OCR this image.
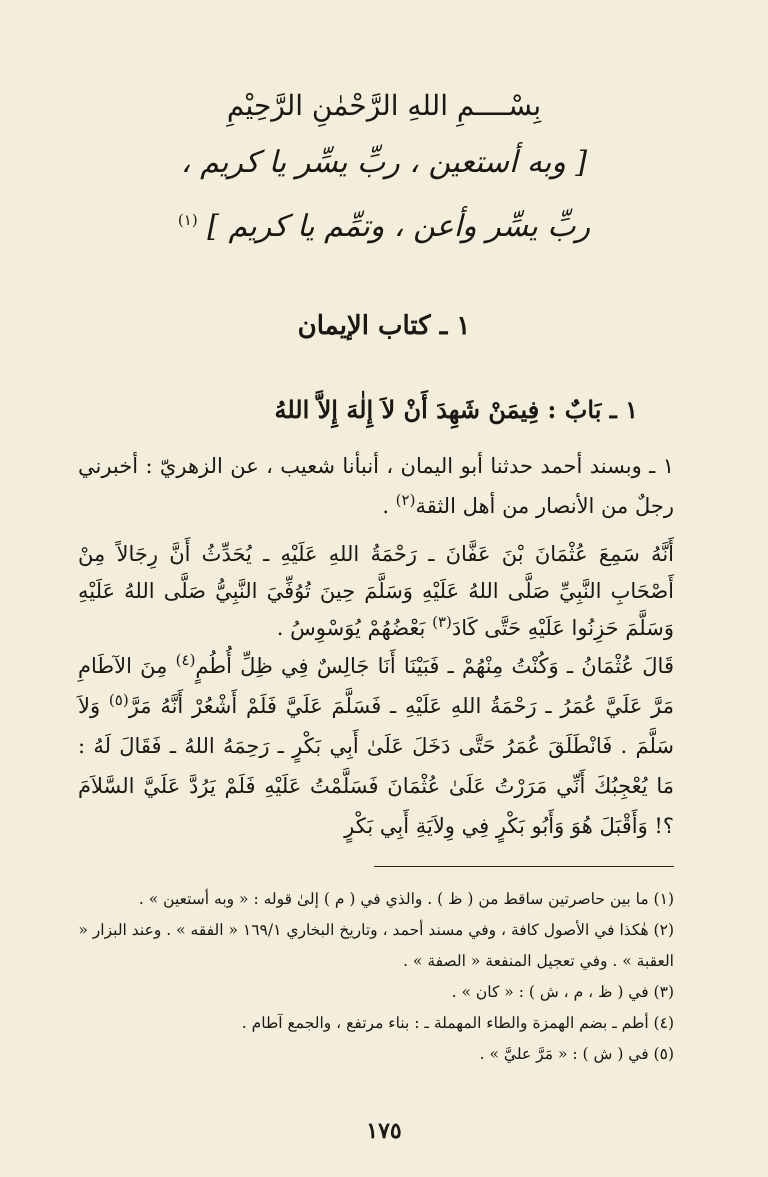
بِسْــــمِ اللهِ الرَّحْمٰنِ الرَّحِيْمِ
[ وبه أستعين ، ربِّ يسِّر يا كريم ،
ربِّ يسِّر وأعن ، وتمِّم يا كريم ] $^{(١)}$
١ ـ كتاب الإيمان
١ ـ بَابٌ : فِيمَنْ شَهِدَ أَنْ لاَ إِلٰهَ إِلاَّ اللهُ

١ ـ وبسند أحمد حدثنا أبو اليمان ، أنبأنا شعيب ، عن الزهريّ : أخبرني رجلٌ من الأنصار من أهل الثقة$^{(٢)}$ .

أَنَّهُ سَمِعَ عُثْمَانَ بْنَ عَفَّانَ ـ رَحْمَةُ اللهِ عَلَيْهِ ـ يُحَدِّثُ أَنَّ رِجَالاً مِنْ أَصْحَابِ النَّبِيِّ صَلَّى اللهُ عَلَيْهِ وَسَلَّمَ حِينَ تُوُفِّيَ النَّبِيُّ صَلَّى اللهُ عَلَيْهِ وَسَلَّمَ حَزِنُوا عَلَيْهِ حَتَّى كَادَ$^{(٣)}$ بَعْضُهُمْ يُوَسْوِسُ .

قَالَ عُثْمَانُ ـ وَكُنْتُ مِنْهُمْ ـ فَبَيْنَا أَنَا جَالِسٌ فِي ظِلِّ أُطُمٍ$^{(٤)}$ مِنَ الآطَامِ مَرَّ عَلَيَّ عُمَرُ ـ رَحْمَةُ اللهِ عَلَيْهِ ـ فَسَلَّمَ عَلَيَّ فَلَمْ أَشْعُرْ أَنَّهُ مَرَّ$^{(٥)}$ وَلاَ سَلَّمَ . فَانْطَلَقَ عُمَرُ حَتَّى دَخَلَ عَلَىٰ أَبِي بَكْرٍ ـ رَحِمَهُ اللهُ ـ فَقَالَ لَهُ : مَا يُعْجِبُكَ أَنِّي مَرَرْتُ عَلَىٰ عُثْمَانَ فَسَلَّمْتُ عَلَيْهِ فَلَمْ يَرُدَّ عَلَيَّ السَّلاَمَ ؟! وَأَقْبَلَ هُوَ وَأَبُو بَكْرٍ فِي وِلاَيَةِ أَبِي بَكْرٍ

(١) ما بين حاصرتين ساقط من ( ظ ) . والذي في ( م ) إلىٰ قوله : « وبه أستعين » .

(٢) هٰكذا في الأصول كافة ، وفي مسند أحمد ، وتاريخ البخاري ١٦٩/١ « الفقه » . وعند البزار « العقبة » . وفي تعجيل المنفعة « الصفة » .

(٣) في ( ظ ، م ، ش ) : « كان » .

(٤) أطم ـ بضم الهمزة والطاء المهملة ـ : بناء مرتفع ، والجمع آطام .

(٥) في ( ش ) : « مَرَّ عليَّ » .

١٧٥
